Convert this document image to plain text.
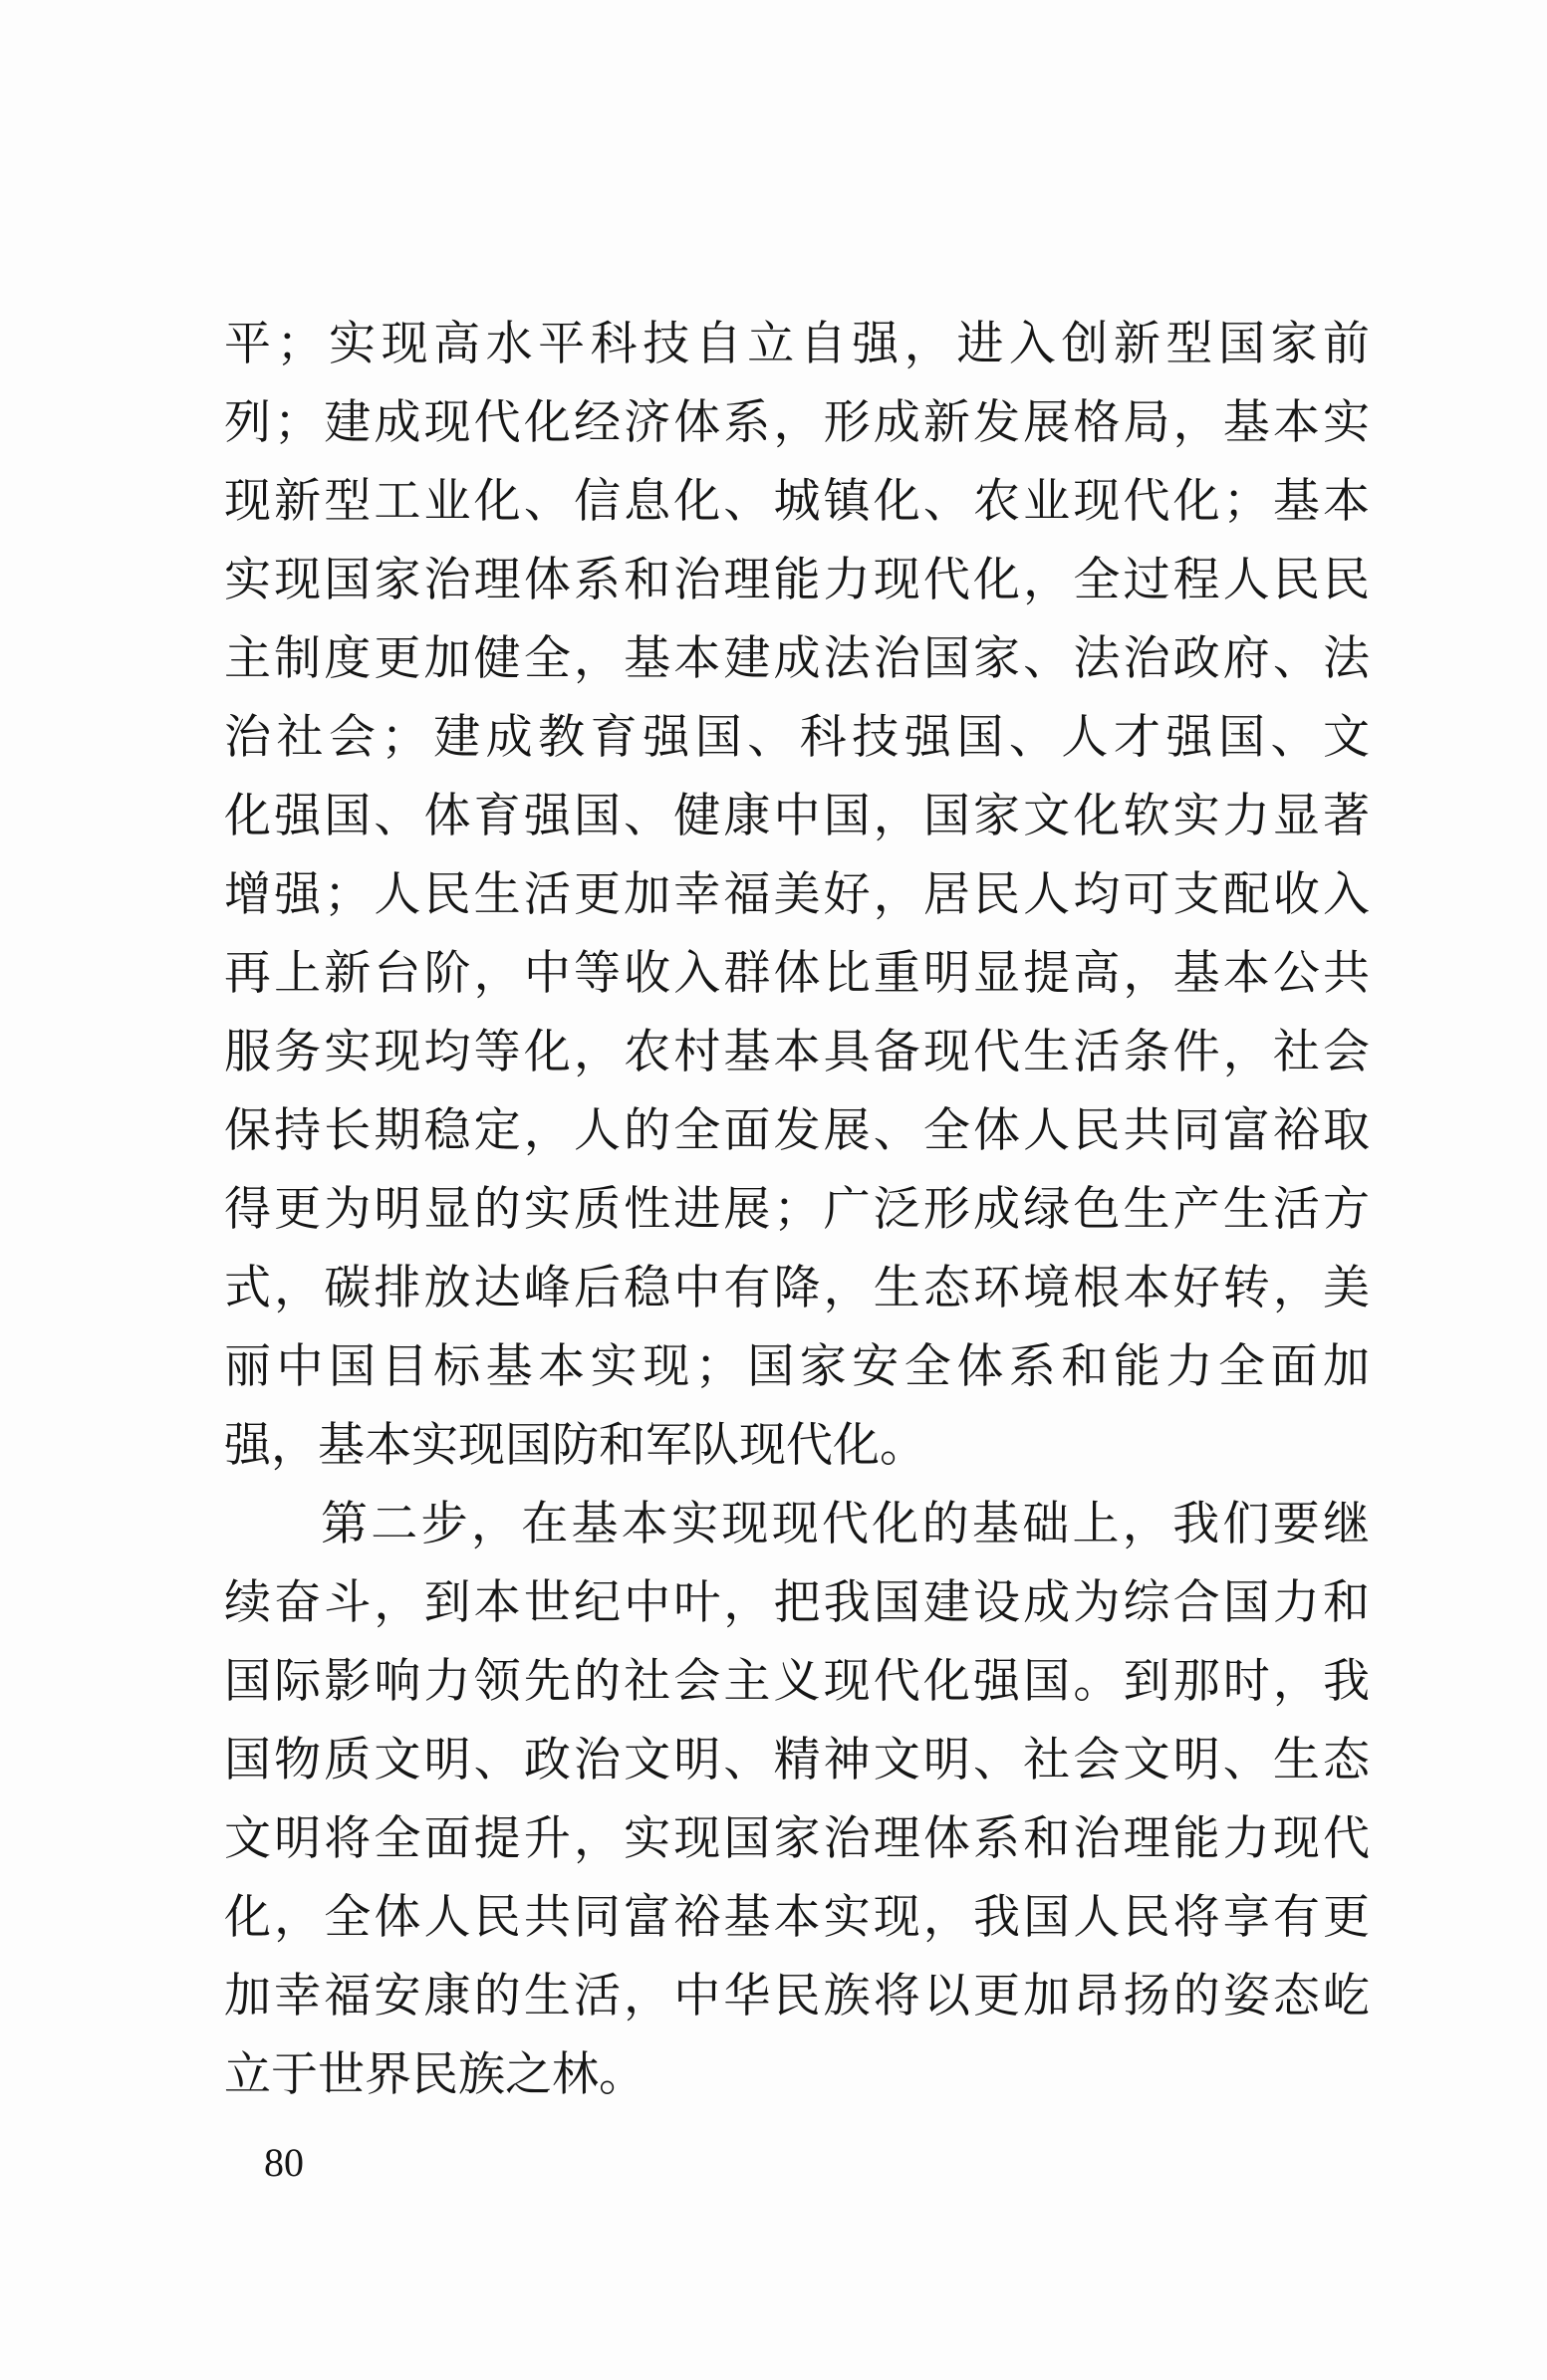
平；实现高水平科技自立自强，进入创新型国家前
列；建成现代化经济体系，形成新发展格局，基本实
现新型工业化、信息化、城镇化、农业现代化；基本
实现国家治理体系和治理能力现代化，全过程人民民
主制度更加健全，基本建成法治国家、法治政府、法
治社会；建成教育强国、科技强国、人才强国、文
化强国、体育强国、健康中国，国家文化软实力显著
增强；人民生活更加幸福美好，居民人均可支配收入
再上新台阶，中等收入群体比重明显提高，基本公共
服务实现均等化，农村基本具备现代生活条件，社会
保持长期稳定，人的全面发展、全体人民共同富裕取
得更为明显的实质性进展；广泛形成绿色生产生活方
式，碳排放达峰后稳中有降，生态环境根本好转，美
丽中国目标基本实现；国家安全体系和能力全面加
强，基本实现国防和军队现代化。
第二步，在基本实现现代化的基础上，我们要继
续奋斗，到本世纪中叶，把我国建设成为综合国力和
国际影响力领先的社会主义现代化强国。到那时，我
国物质文明、政治文明、精神文明、社会文明、生态
文明将全面提升，实现国家治理体系和治理能力现代
化，全体人民共同富裕基本实现，我国人民将享有更
加幸福安康的生活，中华民族将以更加昂扬的姿态屹
立于世界民族之林。
80
